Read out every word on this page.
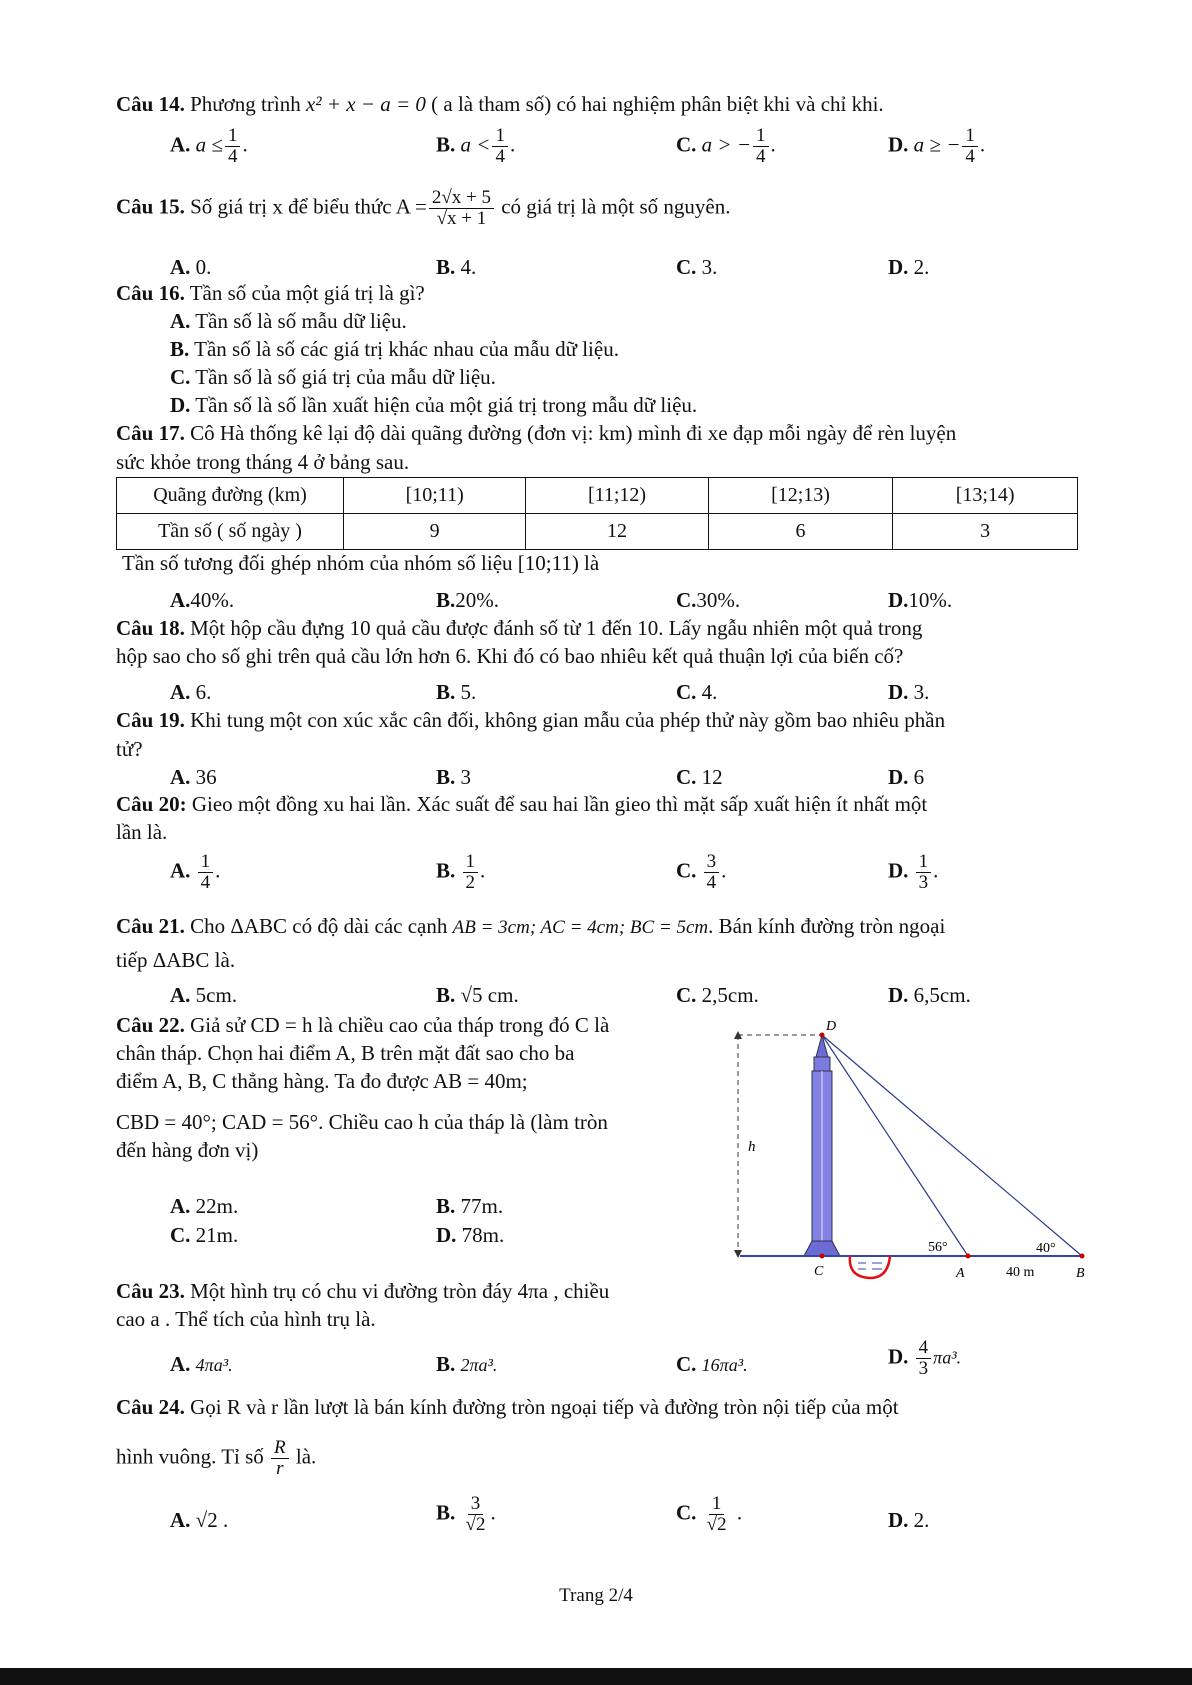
Câu 14. Phương trình x² + x − a = 0 ( a là tham số) có hai nghiệm phân biệt khi và chỉ khi.
A. $a \le \frac{1}{4}$ .	B. $a < \frac{1}{4}$ .	C. a > − $\frac{1}{4}$ .	D. a ≥ − $\frac{1}{4}$ .
Câu 15. Số giá trị x để biểu thức $A = \frac{2√x + 5}{√x + 1}$ có giá trị là một số nguyên.
A. 0.	B. 4.	C. 3.	D. 2.
Câu 16. Tần số của một giá trị là gì?
A. Tần số là số mẫu dữ liệu.
B. Tần số là số các giá trị khác nhau của mẫu dữ liệu.
C. Tần số là số giá trị của mẫu dữ liệu.
D. Tần số là số lần xuất hiện của một giá trị trong mẫu dữ liệu.
Câu 17. Cô Hà thống kê lại độ dài quãng đường (đơn vị: km) mình đi xe đạp mỗi ngày để rèn luyện
sức khỏe trong tháng 4 ở bảng sau.
Quãng đường (km)	[10;11)	[11;12)	[12;13)	[13;14)
Tần số ( số ngày )	9	12	6	3
Tần số tương đối ghép nhóm của nhóm số liệu [10;11) là
A.40%.	B.20%.	C.30%.	D.10%.
Câu 18. Một hộp cầu đựng 10 quả cầu được đánh số từ 1 đến 10. Lấy ngẫu nhiên một quả trong
hộp sao cho số ghi trên quả cầu lớn hơn 6. Khi đó có bao nhiêu kết quả thuận lợi của biến cố?
A. 6.	B. 5.	C. 4.	D. 3.
Câu 19. Khi tung một con xúc xắc cân đối, không gian mẫu của phép thử này gồm bao nhiêu phần
tử?
A. 36	B. 3	C. 12	D. 6
Câu 20: Gieo một đồng xu hai lần. Xác suất để sau hai lần gieo thì mặt sấp xuất hiện ít nhất một
lần là.
A. $\frac{1}{4}$ .	B. $\frac{1}{2}$ .	C. $\frac{3}{4}$ .	D. $\frac{1}{3}$ .
Câu 21. Cho ΔABC có độ dài các cạnh AB = 3cm; AC = 4cm; BC = 5cm. Bán kính đường tròn ngoại
tiếp ΔABC là.
A. 5cm.	B. √5 cm.	C. 2,5cm.	D. 6,5cm.
Câu 22. Giả sử CD = h là chiều cao của tháp trong đó C là
chân tháp. Chọn hai điểm A, B trên mặt đất sao cho ba
điểm A, B, C thẳng hàng. Ta đo được AB = 40m;
CBD = 40°; CAD = 56°. Chiều cao h của tháp là (làm tròn
đến hàng đơn vị)
A. 22m.	B. 77m.
C. 21m.	D. 78m.
h
D
C	A	B
56°	40°
40 m
Câu 23. Một hình trụ có chu vi đường tròn đáy 4πa , chiều
cao a . Thể tích của hình trụ là.
A. 4πa³.	B. 2πa³.	C. 16πa³.	D. $\frac{4}{3} \pi a^3$.
Câu 24. Gọi R và r lần lượt là bán kính đường tròn ngoại tiếp và đường tròn nội tiếp của một
hình vuông. Tỉ số $\frac{R}{r}$ là.
A. √2 .	B. $\frac{3}{√2}$ .	C. $\frac{1}{√2}$ .	D. 2.
Trang 2/4
